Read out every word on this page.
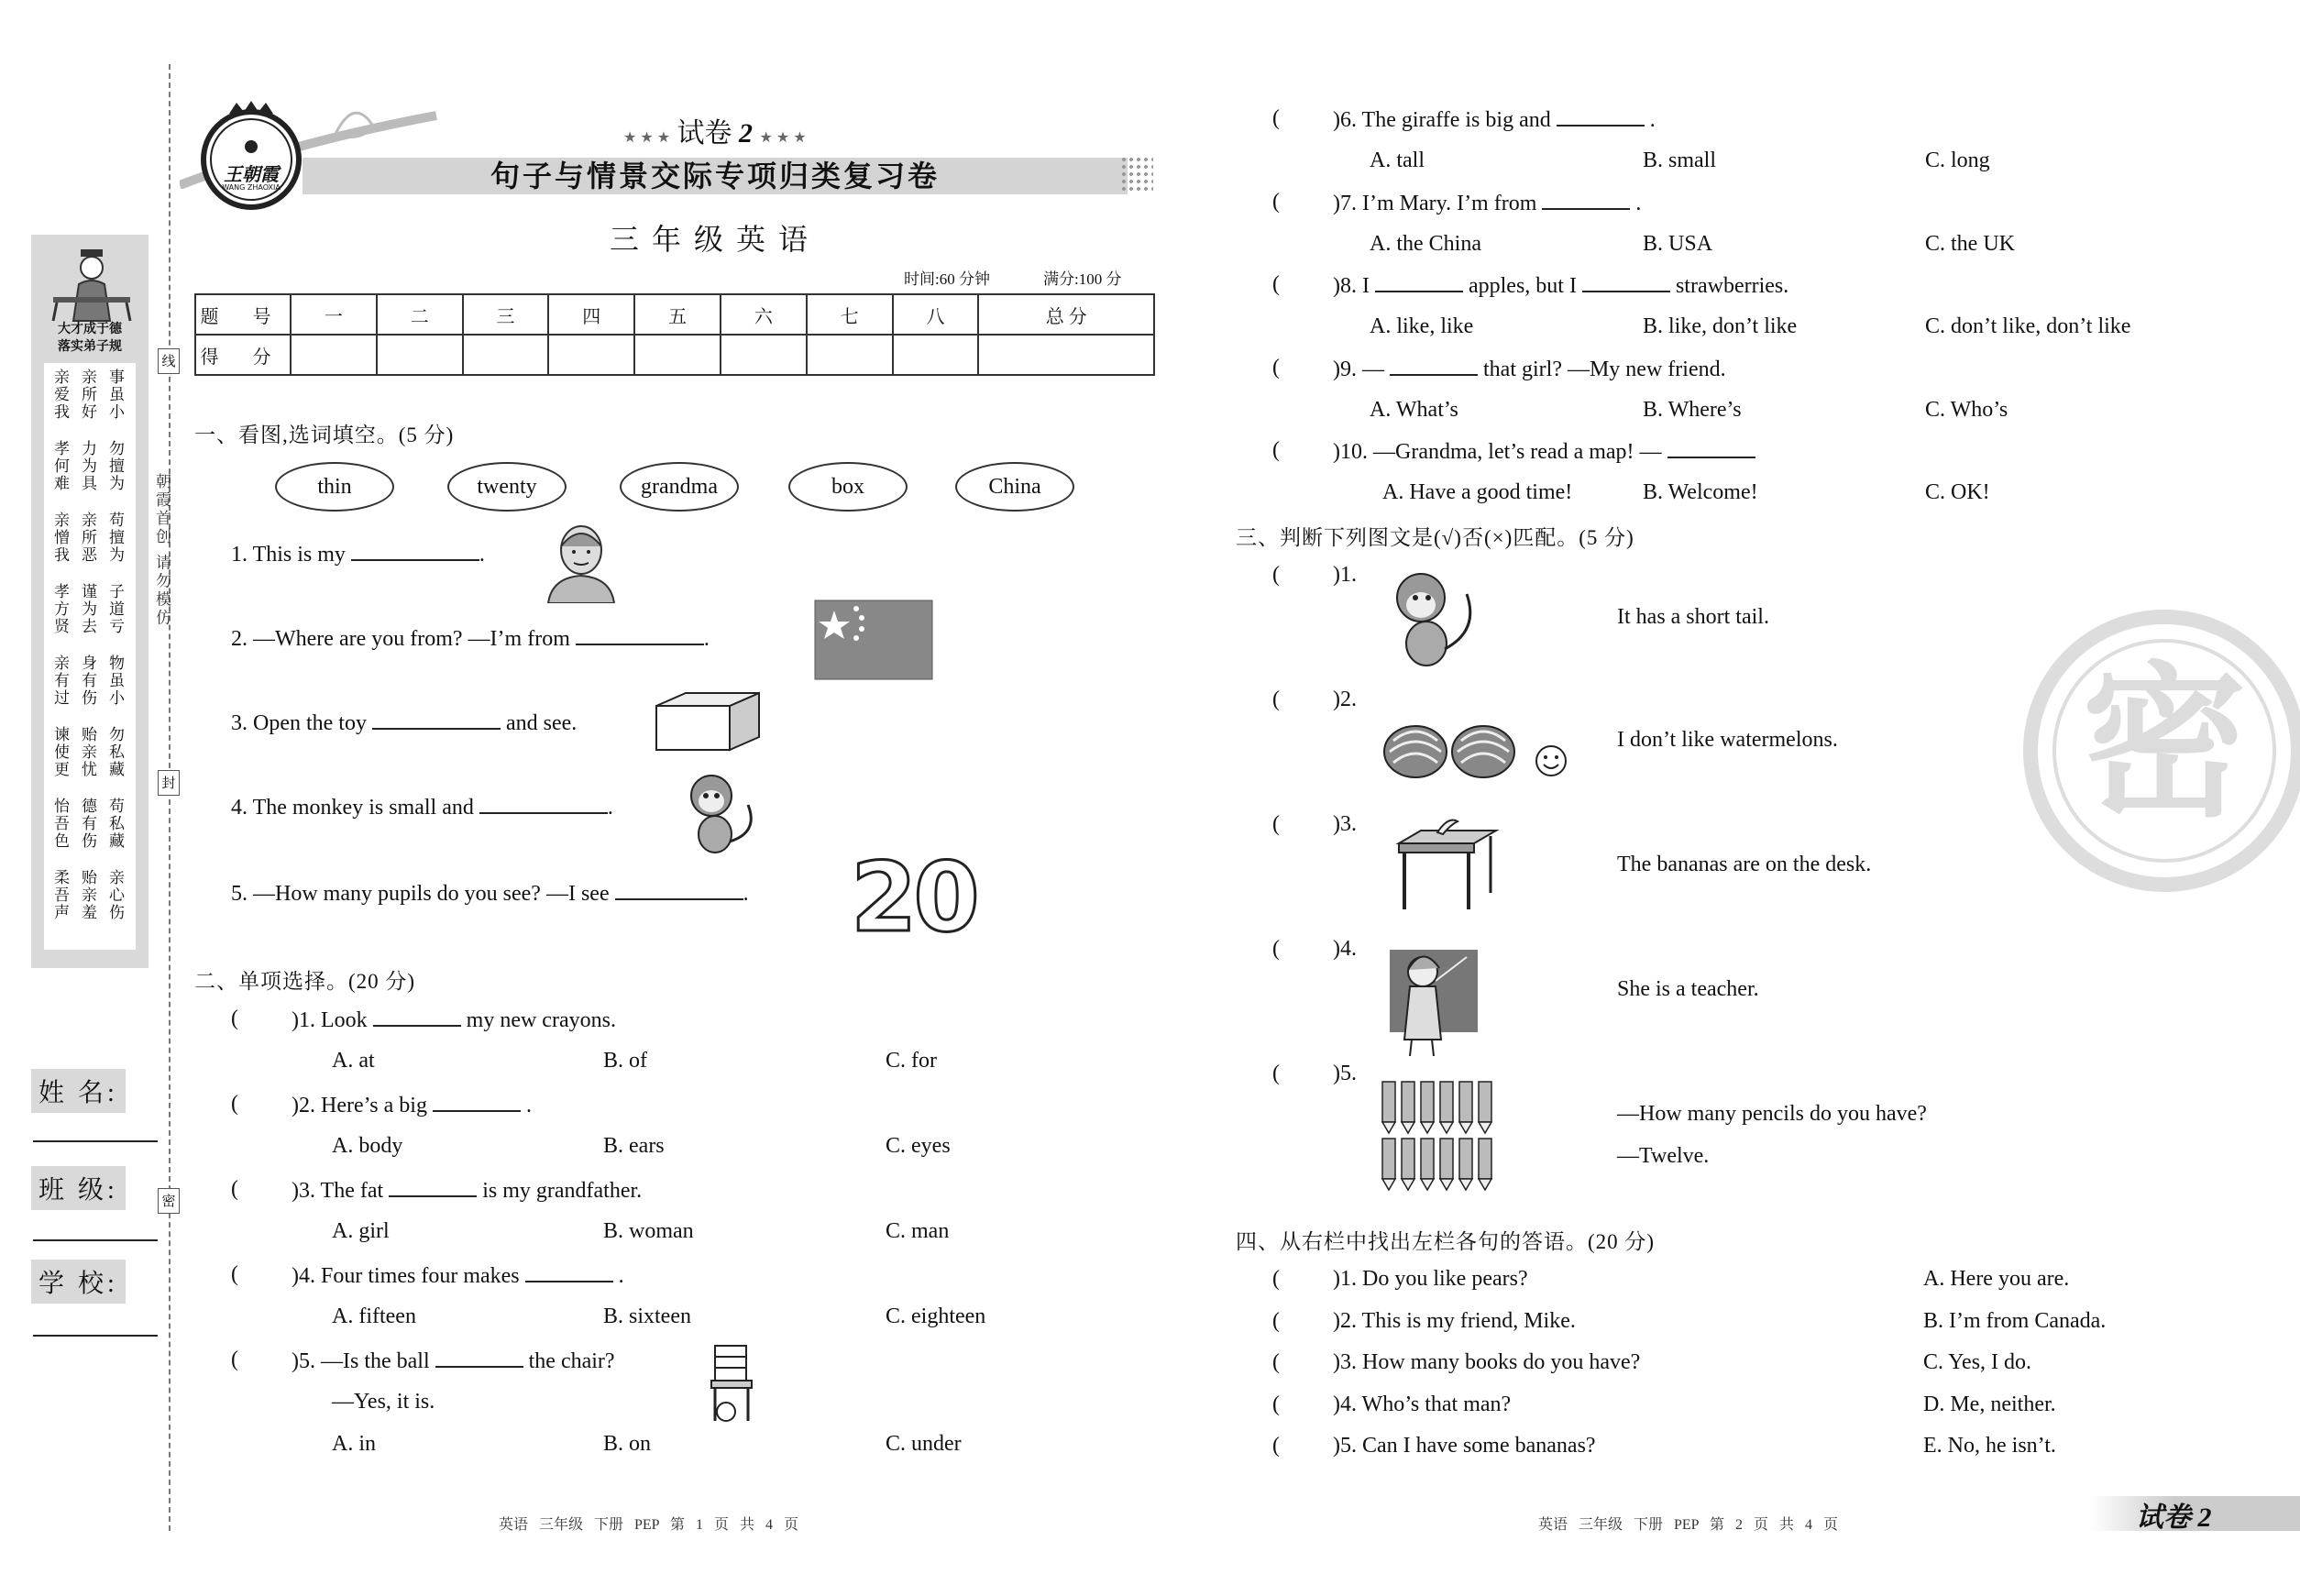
大才成于德
落实弟子规
亲爱我 亲所好 事虽小
孝何难 力为具 勿擅为
亲憎我 亲所恶 苟擅为
孝方贤 谨为去 子道亏
亲有过 身有伤 物虽小
谏使更 贻亲忧 勿私藏
怡吾色 德有伤 苟私藏
柔吾声 贻亲羞 亲心伤
姓 名:
班 级:
学 校:
线
封
密
朝霞首创 请勿模仿
王朝霞
WANG ZHAOXIA
★ ★ ★ 试卷 2 ★ ★ ★
句子与情景交际专项归类复习卷
三年级英语
时间:60 分钟	满分:100 分
题 号	一	二	三	四	五	六	七	八	总 分
得 分									
一、看图,选词填空。(5 分)
thin	twenty	grandma	box	China
1. This is my	.
2. —Where are you from? —I’m from	.
3. Open the toy	and see.
4. The monkey is small and	.
5. —How many pupils do you see? —I see	. 20
二、单项选择。(20 分)
( )1. Look	my new crayons.
A. at	B. of	C. for
( )2. Here’s a big	.
A. body	B. ears	C. eyes
( )3. The fat	is my grandfather.
A. girl	B. woman	C. man
( )4. Four times four makes	.
A. fifteen	B. sixteen	C. eighteen
( )5. —Is the ball	the chair?
—Yes, it is.
A. in	B. on	C. under
英语 三年级 下册 PEP 第 1 页 共 4 页
( )6. The giraffe is big and	.
A. tall	B. small	C. long
( )7. I’m Mary. I’m from	.
A. the China	B. USA	C. the UK
( )8. I	apples, but I	strawberries.
A. like, like	B. like, don’t like	C. don’t like, don’t like
( )9. —	that girl? —My new friend.
A. What’s	B. Where’s	C. Who’s
( )10. —Grandma, let’s read a map! —
A. Have a good time!	B. Welcome!	C. OK!
三、判断下列图文是(√)否(×)匹配。(5 分)
( )1.
It has a short tail.
( )2.
I don’t like watermelons.
( )3.
The bananas are on the desk.
( )4.
She is a teacher.
( )5.
—How many pencils do you have?
—Twelve.
四、从右栏中找出左栏各句的答语。(20 分)
( )1. Do you like pears?	A. Here you are.
( )2. This is my friend, Mike.	B. I’m from Canada.
( )3. How many books do you have?	C. Yes, I do.
( )4. Who’s that man?	D. Me, neither.
( )5. Can I have some bananas?	E. No, he isn’t.
密
英语 三年级 下册 PEP 第 2 页 共 4 页	试卷 2
